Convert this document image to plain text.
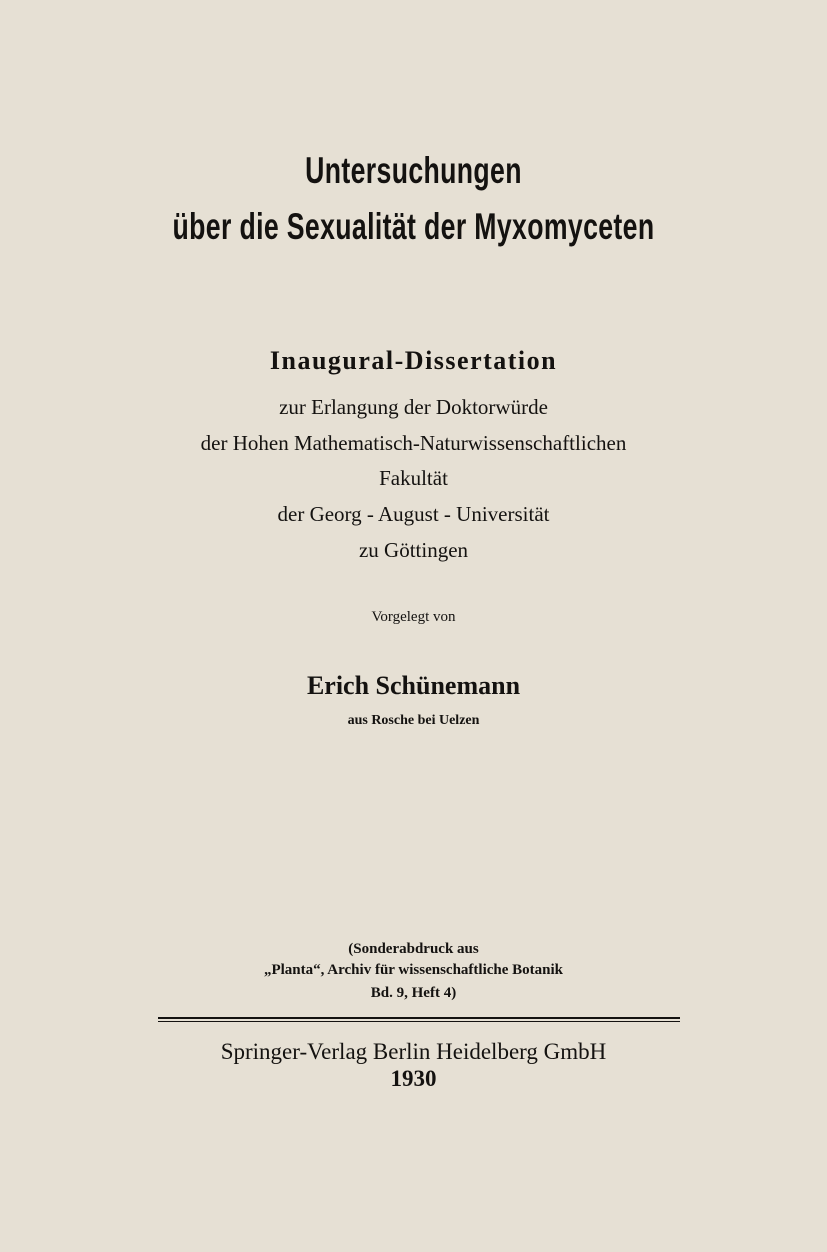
Untersuchungen
über die Sexualität der Myxomyceten
Inaugural-Dissertation
zur Erlangung der Doktorwürde
der Hohen Mathematisch-Naturwissenschaftlichen
Fakultät
der Georg - August - Universität
zu Göttingen
Vorgelegt von
Erich Schünemann
aus Rosche bei Uelzen
(Sonderabdruck aus
„Planta“, Archiv für wissenschaftliche Botanik
Bd. 9, Heft 4)
Springer-Verlag Berlin Heidelberg GmbH
1930
